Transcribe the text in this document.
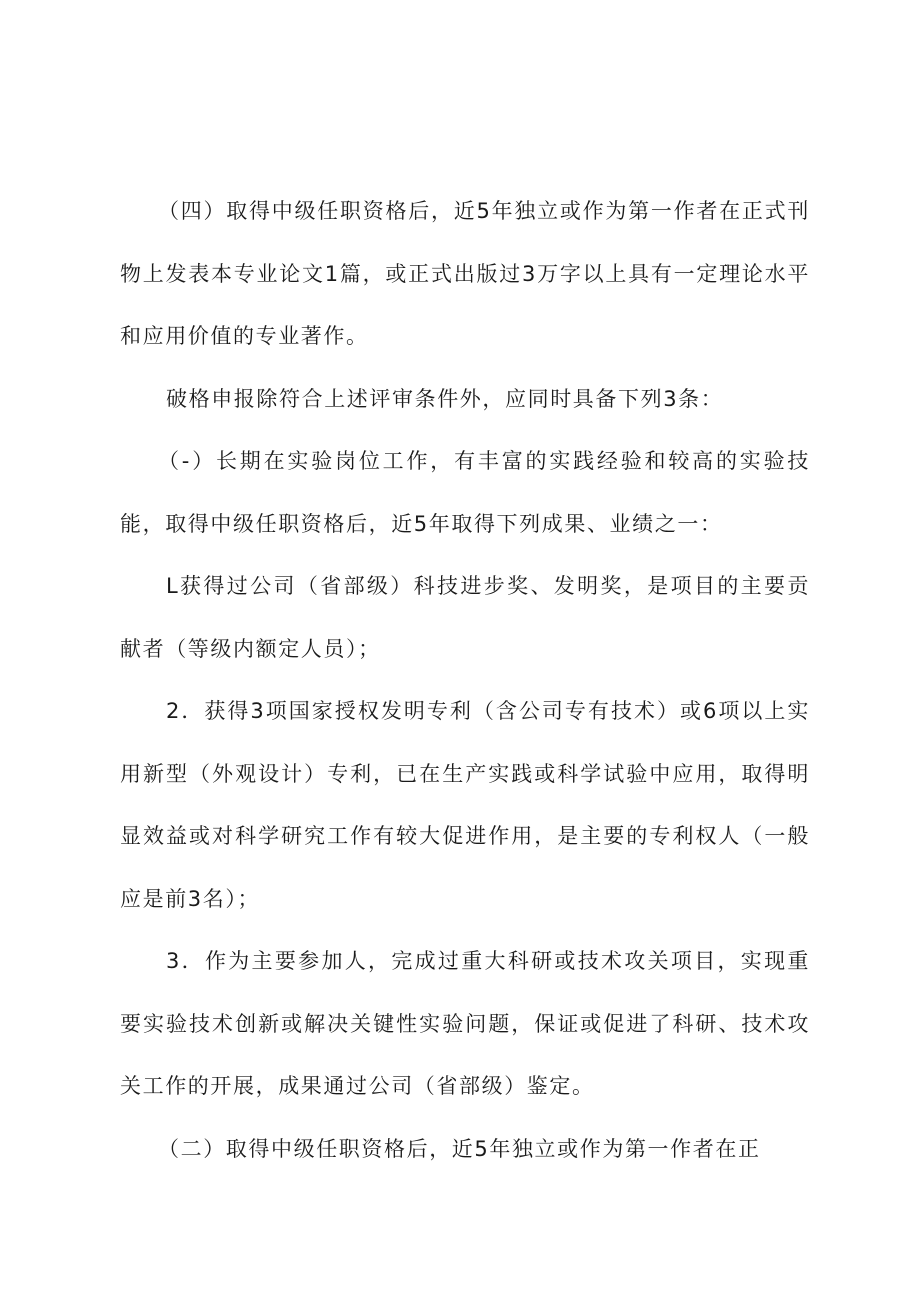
（四）取得中级任职资格后，近5年独立或作为第一作者在正式刊物上发表本专业论文1篇，或正式出版过3万字以上具有一定理论水平和应用价值的专业著作。

破格申报除符合上述评审条件外，应同时具备下列3条：

（-）长期在实验岗位工作，有丰富的实践经验和较高的实验技能，取得中级任职资格后，近5年取得下列成果、业绩之一：

L获得过公司（省部级）科技进步奖、发明奖，是项目的主要贡献者（等级内额定人员）；

2．获得3项国家授权发明专利（含公司专有技术）或6项以上实用新型（外观设计）专利，已在生产实践或科学试验中应用，取得明显效益或对科学研究工作有较大促进作用，是主要的专利权人（一般应是前3名）；

3．作为主要参加人，完成过重大科研或技术攻关项目，实现重要实验技术创新或解决关键性实验问题，保证或促进了科研、技术攻关工作的开展，成果通过公司（省部级）鉴定。

（二）取得中级任职资格后，近5年独立或作为第一作者在正
